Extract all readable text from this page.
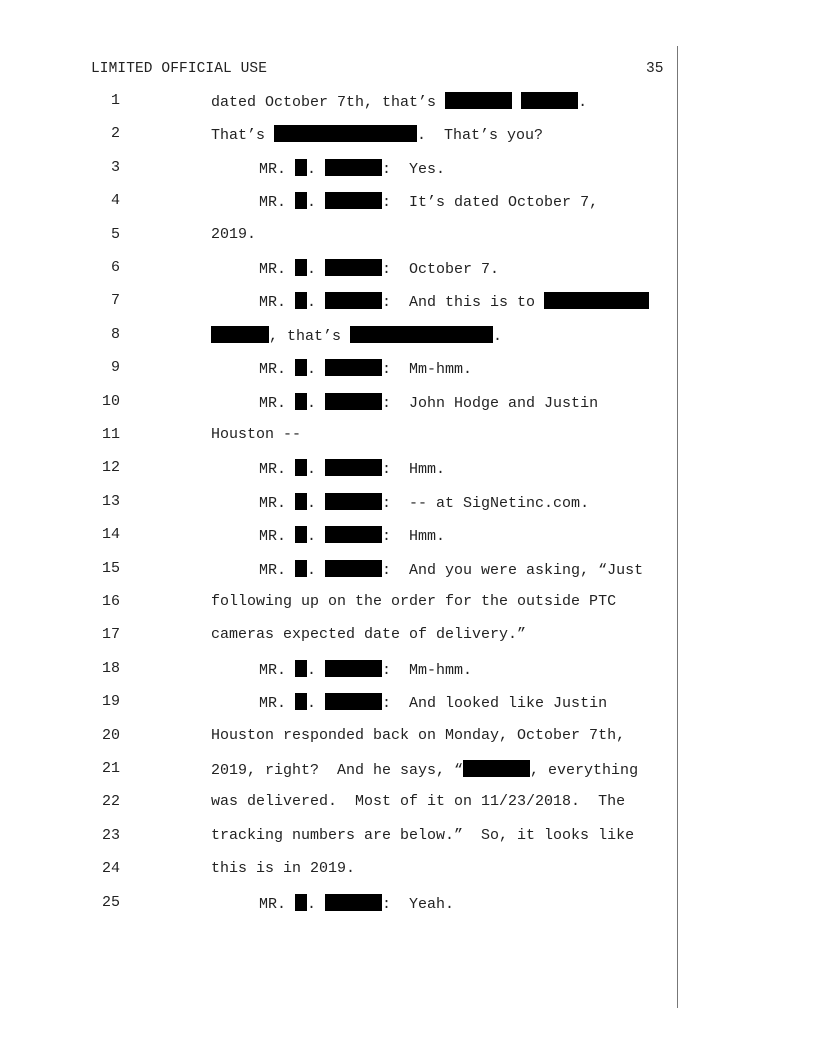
LIMITED OFFICIAL USE	35
1	dated October 7th, that’s	.
2	That’s	.  That’s you?
3	MR. .	:  Yes.
4	MR. .	:  It’s dated October 7,
5	2019.
6	MR. .	:  October 7.
7	MR. .	:  And this is to
8	, that’s	.
9	MR. .	:  Mm-hmm.
10	MR. .	:  John Hodge and Justin
11	Houston --
12	MR. .	:  Hmm.
13	MR. .	:  -- at SigNetinc.com.
14	MR. .	:  Hmm.
15	MR. .	:  And you were asking, “Just
16	following up on the order for the outside PTC
17	cameras expected date of delivery.”
18	MR. .	:  Mm-hmm.
19	MR. .	:  And looked like Justin
20	Houston responded back on Monday, October 7th,
21	2019, right?  And he says, “	, everything
22	was delivered.  Most of it on 11/23/2018.  The
23	tracking numbers are below.”  So, it looks like
24	this is in 2019.
25	MR. .	:  Yeah.
